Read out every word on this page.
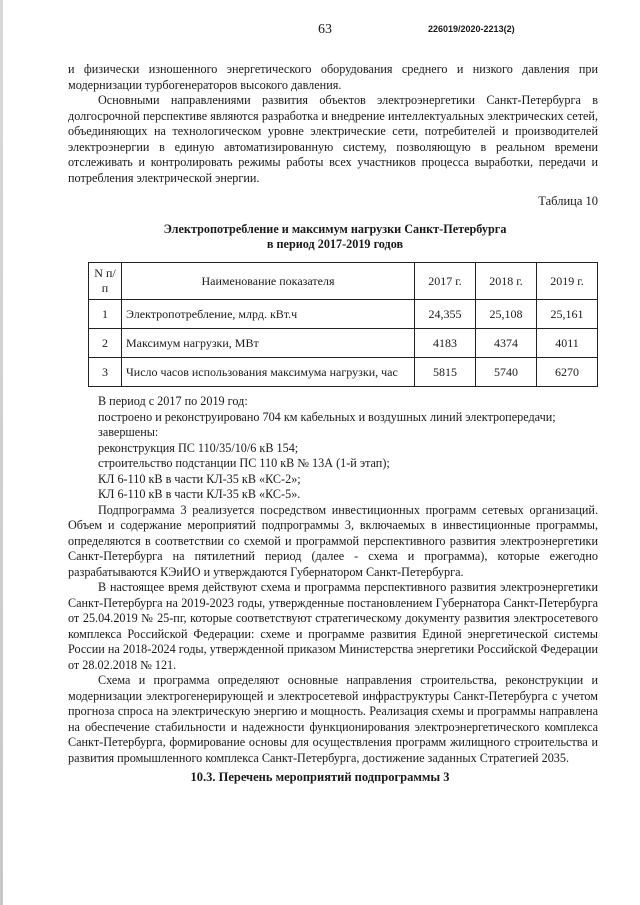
63	226019/2020-2213(2)

и физически изношенного энергетического оборудования среднего и низкого давления при модернизации турбогенераторов высокого давления.

Основными направлениями развития объектов электроэнергетики Санкт-Петербурга в долгосрочной перспективе являются разработка и внедрение интеллектуальных электрических сетей, объединяющих на технологическом уровне электрические сети, потребителей и производителей электроэнергии в единую автоматизированную систему, позволяющую в реальном времени отслеживать и контролировать режимы работы всех участников процесса выработки, передачи и потребления электрической энергии.

Таблица 10
Электропотребление и максимум нагрузки Санкт-Петербурга
в период 2017-2019 годов
N п/п	Наименование показателя	2017 г.	2018 г.	2019 г.
1	Электропотребление, млрд. кВт.ч	24,355	25,108	25,161
2	Максимум нагрузки, МВт	4183	4374	4011
3	Число часов использования максимума нагрузки, час	5815	5740	6270

В период с 2017 по 2019 год:

построено и реконструировано 704 км кабельных и воздушных линий электропередачи;

завершены:

реконструкция ПС 110/35/10/6 кВ 154;

строительство подстанции ПС 110 кВ № 13А (1-й этап);

КЛ 6-110 кВ в части КЛ-35 кВ «КС-2»;

КЛ 6-110 кВ в части КЛ-35 кВ «КС-5».

Подпрограмма 3 реализуется посредством инвестиционных программ сетевых организаций. Объем и содержание мероприятий подпрограммы 3, включаемых в инвестиционные программы, определяются в соответствии со схемой и программой перспективного развития электроэнергетики Санкт-Петербурга на пятилетний период (далее - схема и программа), которые ежегодно разрабатываются КЭиИО и утверждаются Губернатором Санкт-Петербурга.

В настоящее время действуют схема и программа перспективного развития электроэнергетики Санкт-Петербурга на 2019-2023 годы, утвержденные постановлением Губернатора Санкт-Петербурга от 25.04.2019 № 25-пг, которые соответствуют стратегическому документу развития электросетевого комплекса Российской Федерации: схеме и программе развития Единой энергетической системы России на 2018-2024 годы, утвержденной приказом Министерства энергетики Российской Федерации от 28.02.2018 № 121.

Схема и программа определяют основные направления строительства, реконструкции и модернизации электрогенерирующей и электросетевой инфраструктуры Санкт-Петербурга с учетом прогноза спроса на электрическую энергию и мощность. Реализация схемы и программы направлена на обеспечение стабильности и надежности функционирования электроэнергетического комплекса Санкт-Петербурга, формирование основы для осуществления программ жилищного строительства и развития промышленного комплекса Санкт-Петербурга, достижение заданных Стратегией 2035.

10.3. Перечень мероприятий подпрограммы 3
